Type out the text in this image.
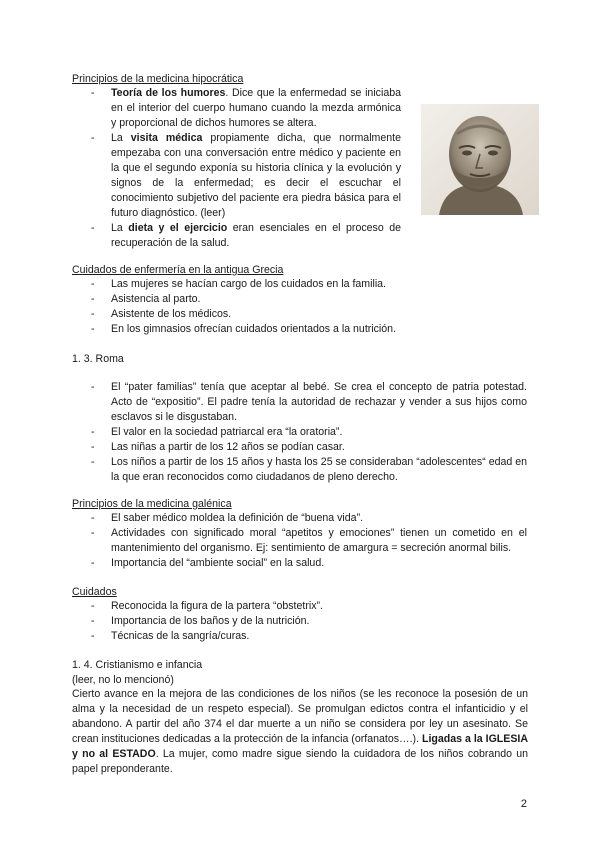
Principios de la medicina hipocrática
- Teoría de los humores. Dice que la enfermedad se iniciaba en el interior del cuerpo humano cuando la mezda armónica y proporcional de dichos humores se altera.
- La visita médica propiamente dicha, que normalmente empezaba con una conversación entre médico y paciente en la que el segundo exponía su historia clínica y la evolución y signos de la enfermedad; es decir el escuchar el conocimiento subjetivo del paciente era piedra básica para el futuro diagnóstico. (leer)
- La dieta y el ejercicio eran esenciales en el proceso de recuperación de la salud.
Cuidados de enfermería en la antigua Grecia
- Las mujeres se hacían cargo de los cuidados en la familia.
- Asistencia al parto.
- Asistente de los médicos.
- En los gimnasios ofrecían cuidados orientados a la nutrición.
1. 3. Roma
- El “pater familias” tenía que aceptar al bebé. Se crea el concepto de patria potestad. Acto de “expositio”. El padre tenía la autoridad de rechazar y vender a sus hijos como esclavos si le disgustaban.
- El valor en la sociedad patriarcal era “la oratoria”.
- Las niñas a partir de los 12 años se podían casar.
- Los niños a partir de los 15 años y hasta los 25 se consideraban “adolescentes“ edad en la que eran reconocidos como ciudadanos de pleno derecho.
Principios de la medicina galénica
- El saber médico moldea la definición de “buena vida”.
- Actividades con significado moral “apetitos y emociones” tienen un cometido en el mantenimiento del organismo. Ej: sentimiento de amargura = secreción anormal bilis.
- Importancia del “ambiente social” en la salud.
Cuidados
- Reconocida la figura de la partera “obstetrix”.
- Importancia de los baños y de la nutrición.
- Técnicas de la sangría/curas.
1. 4. Cristianismo e infancia
(leer, no lo mencionó)
Cierto avance en la mejora de las condiciones de los niños (se les reconoce la posesión de un alma y la necesidad de un respeto especial). Se promulgan edictos contra el infanticidio y el abandono. A partir del año 374 el dar muerte a un niño se considera por ley un asesinato. Se crean instituciones dedicadas a la protección de la infancia (orfanatos….). Ligadas a la IGLESIA y no al ESTADO. La mujer, como madre sigue siendo la cuidadora de los niños cobrando un papel preponderante.
2
